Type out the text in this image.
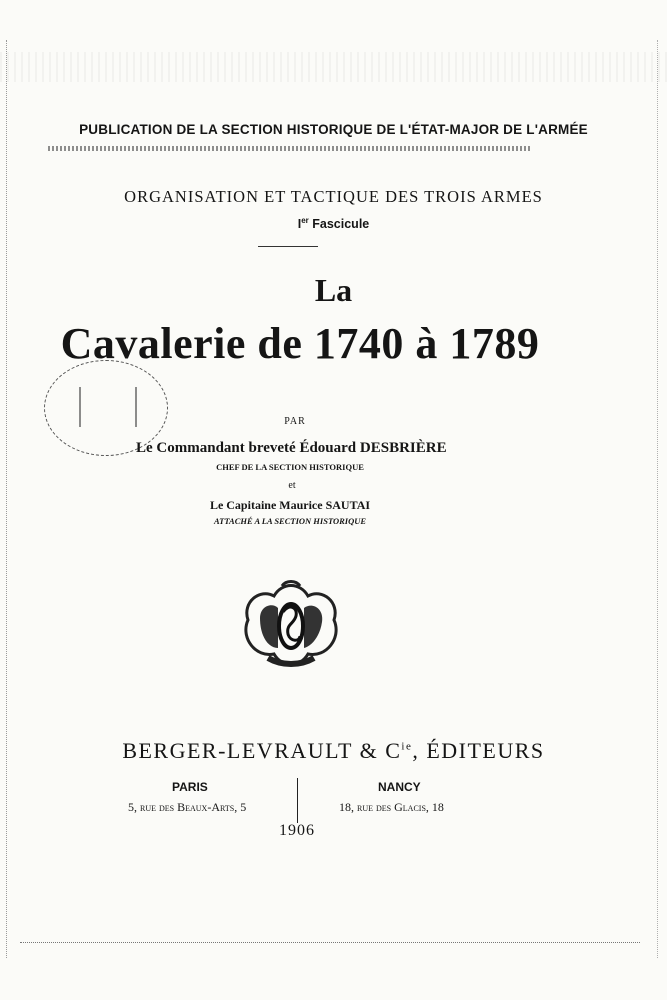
PUBLICATION DE LA SECTION HISTORIQUE DE L'ÉTAT-MAJOR DE L'ARMÉE
ORGANISATION ET TACTIQUE DES TROIS ARMES
Ier Fascicule
La
Cavalerie de 1740 à 1789
PAR
Le Commandant breveté Édouard DESBRIÈRE
CHEF DE LA SECTION HISTORIQUE
et
Le Capitaine Maurice SAUTAI
ATTACHÉ A LA SECTION HISTORIQUE
BERGER-LEVRAULT & $C^{ie}$, ÉDITEURS
PARIS	NANCY
5, rue des Beaux-Arts, 5	18, rue des Glacis, 18
1906
